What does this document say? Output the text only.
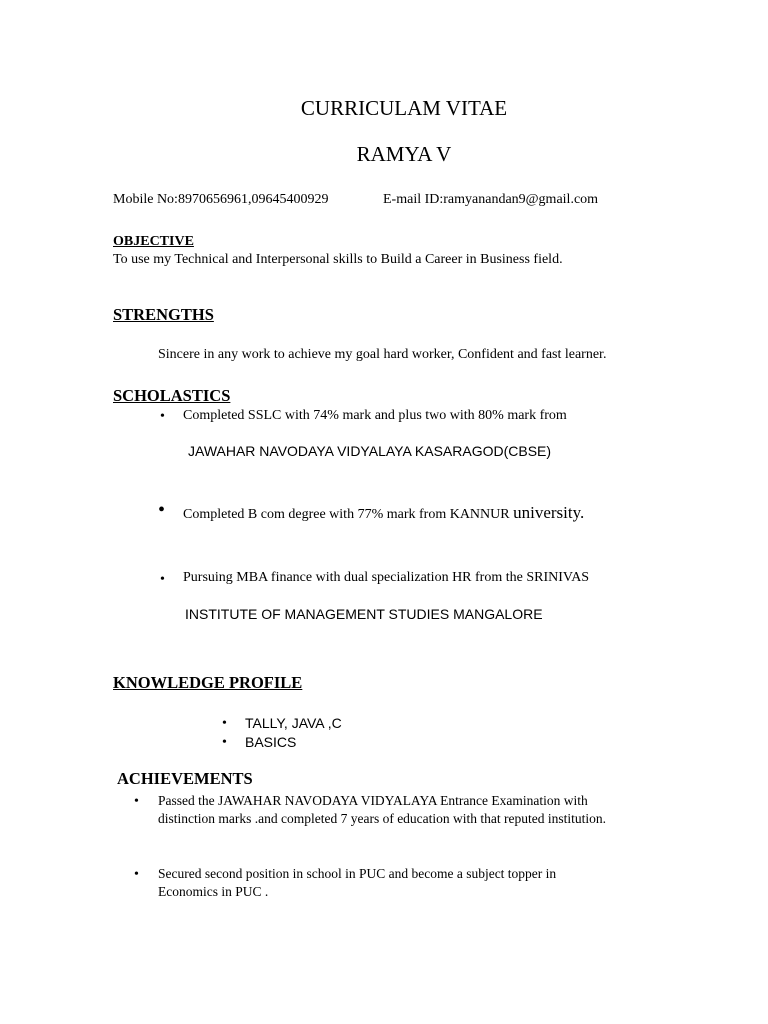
CURRICULAM VITAE
RAMYA V
Mobile No:8970656961,09645400929	E-mail ID:ramyanandan9@gmail.com
OBJECTIVE
To use my Technical and Interpersonal skills to Build a Career in Business field.
STRENGTHS
Sincere in any work to achieve my goal hard worker, Confident and fast learner.
SCHOLASTICS
• Completed SSLC with 74% mark and plus two with 80% mark from
JAWAHAR NAVODAYA VIDYALAYA KASARAGOD(CBSE)
• Completed B com degree with 77% mark from KANNUR university.
• Pursuing MBA finance with dual specialization HR from the SRINIVAS
INSTITUTE OF MANAGEMENT STUDIES MANGALORE
KNOWLEDGE PROFILE
• TALLY, JAVA ,C
• BASICS
ACHIEVEMENTS
• Passed the JAWAHAR NAVODAYA VIDYALAYA Entrance Examination with distinction marks .and completed 7 years of education with that reputed institution.
• Secured second position in school in PUC and become a subject topper in Economics in PUC .
